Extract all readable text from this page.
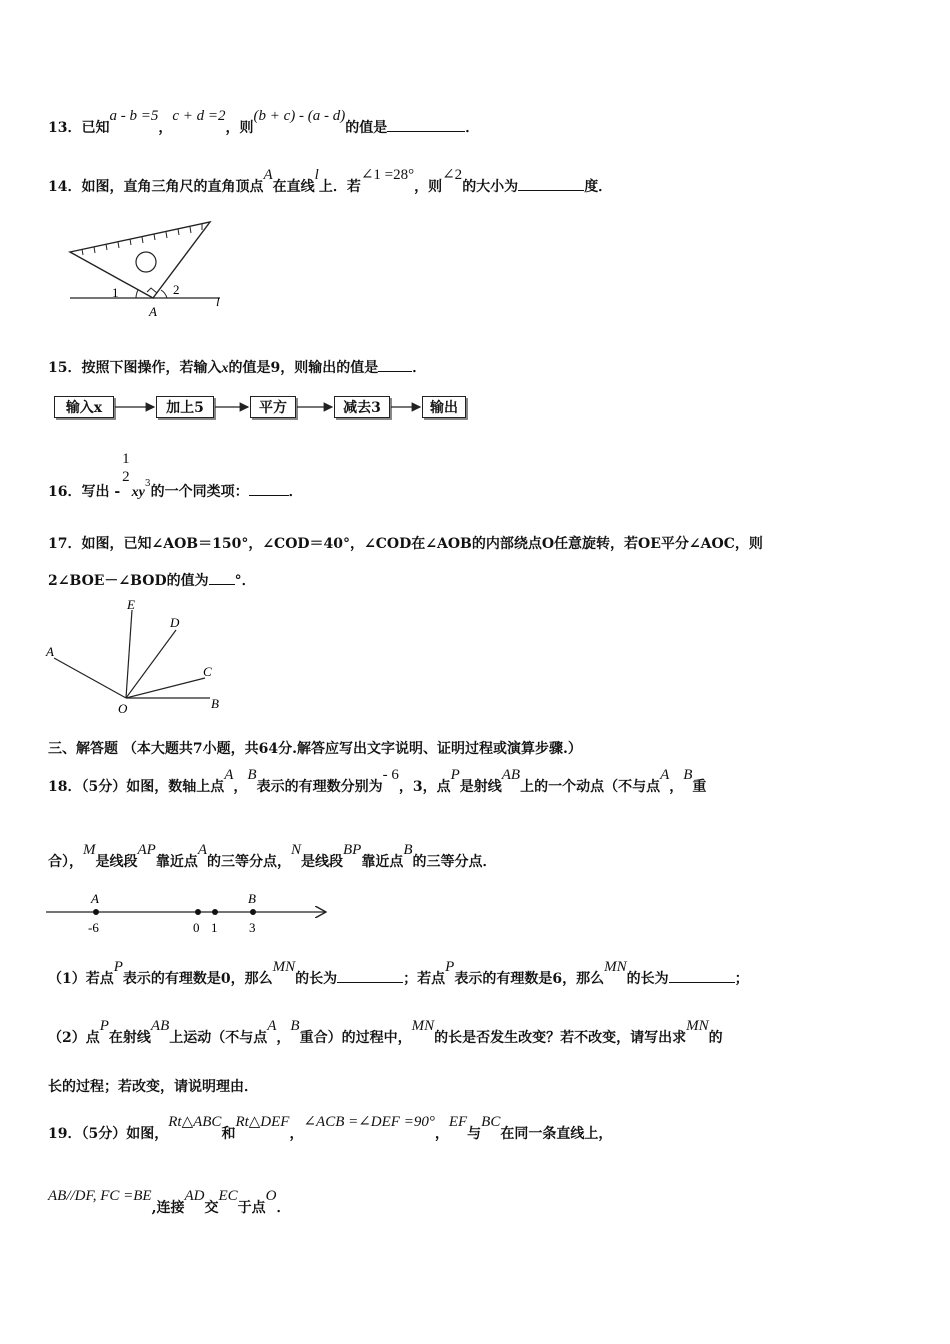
13．已知a - b =5，c + d =2，则(b + c) - (a - d)的值是	．
14．如图，直角三角尺的直角顶点A在直线l上．若∠1 =28°，则∠2的大小为	度．
1	2
A
l
15．按照下图操作，若输入x的值是9，则输出的值是 ．
输入x	加上5	平方	减去3	输出
16．写出 -
1
2
$xy^3$的一个同类项：	．
17．如图，已知∠AOB＝150°，∠COD＝40°，∠COD在∠AOB的内部绕点O任意旋转，若OE平分∠AOC，则
2∠BOE－∠BOD的值为 °．
E
D
A
C
O	B
三、解答题 （本大题共7小题，共64分.解答应写出文字说明、证明过程或演算步骤.）
18．（5分）如图，数轴上点A，B表示的有理数分别为- 6，3，点P是射线AB上的一个动点（不与点A，B重
合），M是线段AP靠近点A的三等分点，N是线段BP靠近点B的三等分点．
A	B
-6	0 1 3
（1）若点P表示的有理数是0，那么MN的长为	；若点P表示的有理数是6，那么MN的长为	；
（2）点P在射线AB上运动（不与点A，B重合）的过程中，MN的长是否发生改变？若不改变，请写出求MN的
长的过程；若改变，请说明理由．
19．（5分）如图，Rt△ABC和Rt△DEF，∠ACB =∠DEF =90°，EF与BC在同一条直线上，
AB//DF, FC =BE,连接AD交EC于点O．
